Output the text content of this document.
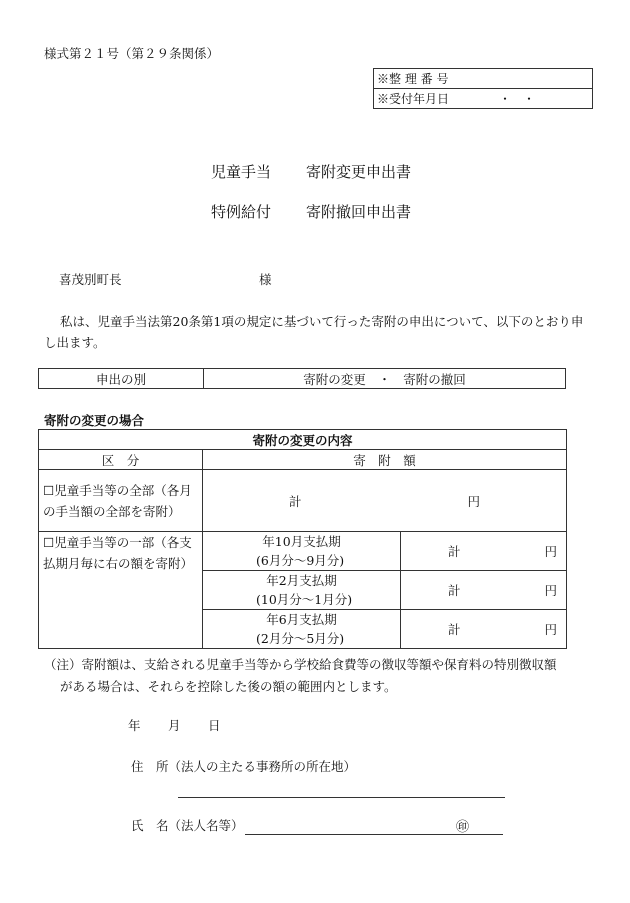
様式第２１号（第２９条関係）
※整 理 番 号
※受付年月日	・　・
児童手当 寄附変更申出書
特例給付 寄附撤回申出書
喜茂別町長	様
私は、児童手当法第20条第1項の規定に基づいて行った寄附の申出について、以下のとおり申し出ます。
申出の別	寄附の変更　・　寄附の撤回
寄附の変更の場合
寄附の変更の内容		
区　分	寄　附　額	
☐児童手当等の全部（各月の手当額の全部を寄附）	計 円	

☐児童手当等の一部（各支払期月毎に右の額を寄附）	年10月支払期
(6月分～9月分)	計 円

	年2月支払期
(10月分～1月分)	計 円

	年6月支払期
(2月分～5月分)	計 円
（注）寄附額は、支給される児童手当等から学校給食費等の徴収等額や保育料の特別徴収額
がある場合は、それらを控除した後の額の範囲内とします。
年 月 日
住　所（法人の主たる事務所の所在地）
氏　名（法人名等）	㊞
